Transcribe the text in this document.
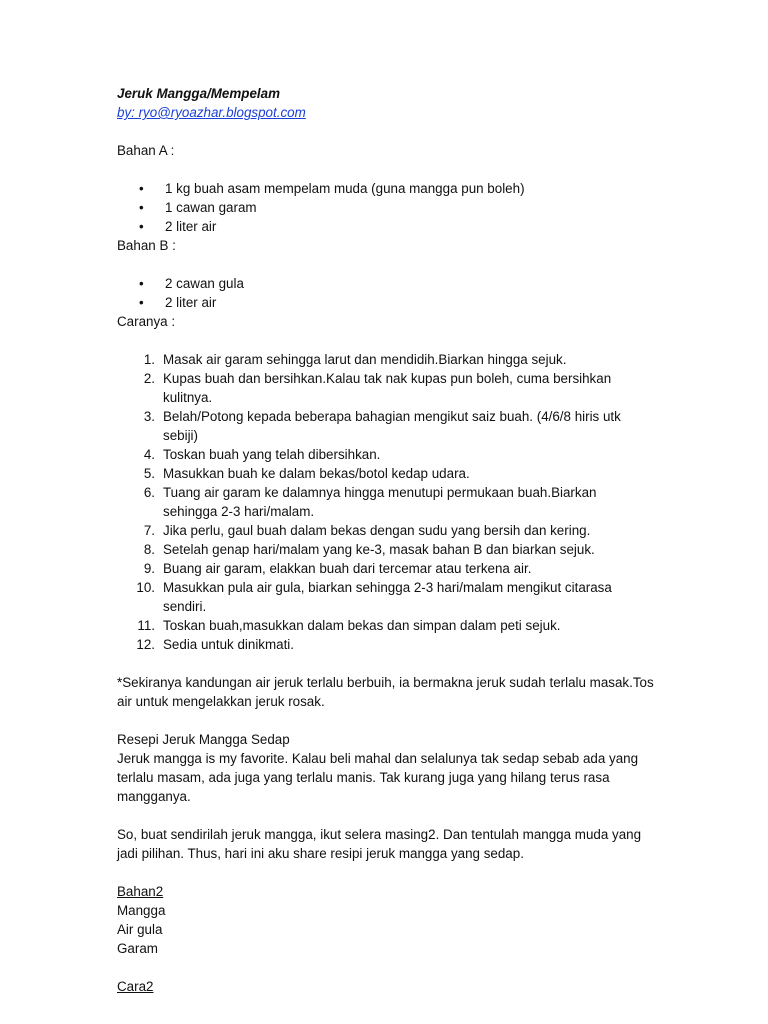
Jeruk Mangga/Mempelam

by: ryo@ryoazhar.blogspot.com

Bahan A :

• 1 kg buah asam mempelam muda (guna mangga pun boleh)
• 1 cawan garam
• 2 liter air

Bahan B :

• 2 cawan gula
• 2 liter air

Caranya :

1. Masak air garam sehingga larut dan mendidih.Biarkan hingga sejuk.
2. Kupas buah dan bersihkan.Kalau tak nak kupas pun boleh, cuma bersihkan kulitnya.
3. Belah/Potong kepada beberapa bahagian mengikut saiz buah. (4/6/8 hiris utk sebiji)
4. Toskan buah yang telah dibersihkan.
5. Masukkan buah ke dalam bekas/botol kedap udara.
6. Tuang air garam ke dalamnya hingga menutupi permukaan buah.Biarkan sehingga 2-3 hari/malam.
7. Jika perlu, gaul buah dalam bekas dengan sudu yang bersih dan kering.
8. Setelah genap hari/malam yang ke-3, masak bahan B dan biarkan sejuk.
9. Buang air garam, elakkan buah dari tercemar atau terkena air.
10. Masukkan pula air gula, biarkan sehingga 2-3 hari/malam mengikut citarasa sendiri.
11. Toskan buah,masukkan dalam bekas dan simpan dalam peti sejuk.
12. Sedia untuk dinikmati.

*Sekiranya kandungan air jeruk terlalu berbuih, ia bermakna jeruk sudah terlalu masak.Tos air untuk mengelakkan jeruk rosak.

Resepi Jeruk Mangga Sedap

Jeruk mangga is my favorite. Kalau beli mahal dan selalunya tak sedap sebab ada yang terlalu masam, ada juga yang terlalu manis. Tak kurang juga yang hilang terus rasa mangganya.

So, buat sendirilah jeruk mangga, ikut selera masing2. Dan tentulah mangga muda yang jadi pilihan. Thus, hari ini aku share resipi jeruk mangga yang sedap.

Bahan2

Mangga

Air gula

Garam

Cara2
